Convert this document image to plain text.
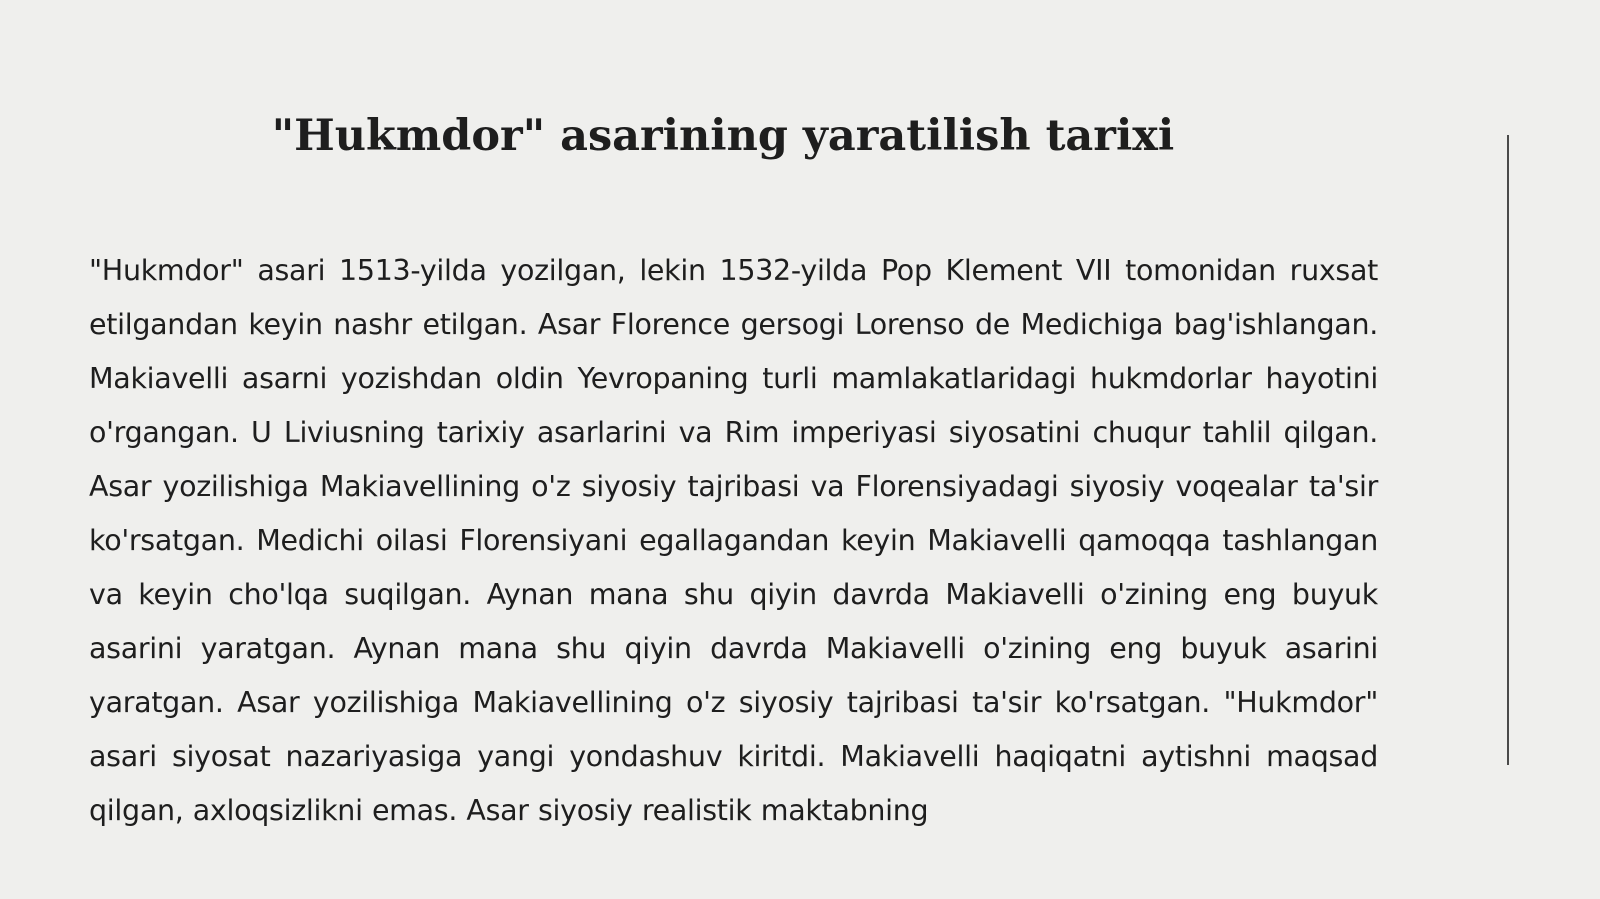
"Hukmdor" asarining yaratilish tarixi

"Hukmdor" asari 1513-yilda yozilgan, lekin 1532-yilda Pop Klement VII tomonidan ruxsat etilgandan keyin nashr etilgan. Asar Florence gersogi Lorenso de Medichiga bag'ishlangan. Makiavelli asarni yozishdan oldin Yevropaning turli mamlakatlaridagi hukmdorlar hayotini o'rgangan. U Liviusning tarixiy asarlarini va Rim imperiyasi siyosatini chuqur tahlil qilgan. Asar yozilishiga Makiavellining o'z siyosiy tajribasi va Florensiyadagi siyosiy voqealar ta'sir ko'rsatgan. Medichi oilasi Florensiyani egallagandan keyin Makiavelli qamoqqa tashlangan va keyin cho'lqa suqilgan. Aynan mana shu qiyin davrda Makiavelli o'zining eng buyuk asarini yaratgan. Aynan mana shu qiyin davrda Makiavelli o'zining eng buyuk asarini yaratgan. Asar yozilishiga Makiavellining o'z siyosiy tajribasi ta'sir ko'rsatgan. "Hukmdor" asari siyosat nazariyasiga yangi yondashuv kiritdi. Makiavelli haqiqatni aytishni maqsad qilgan, axloqsizlikni emas. Asar siyosiy realistik maktabning
